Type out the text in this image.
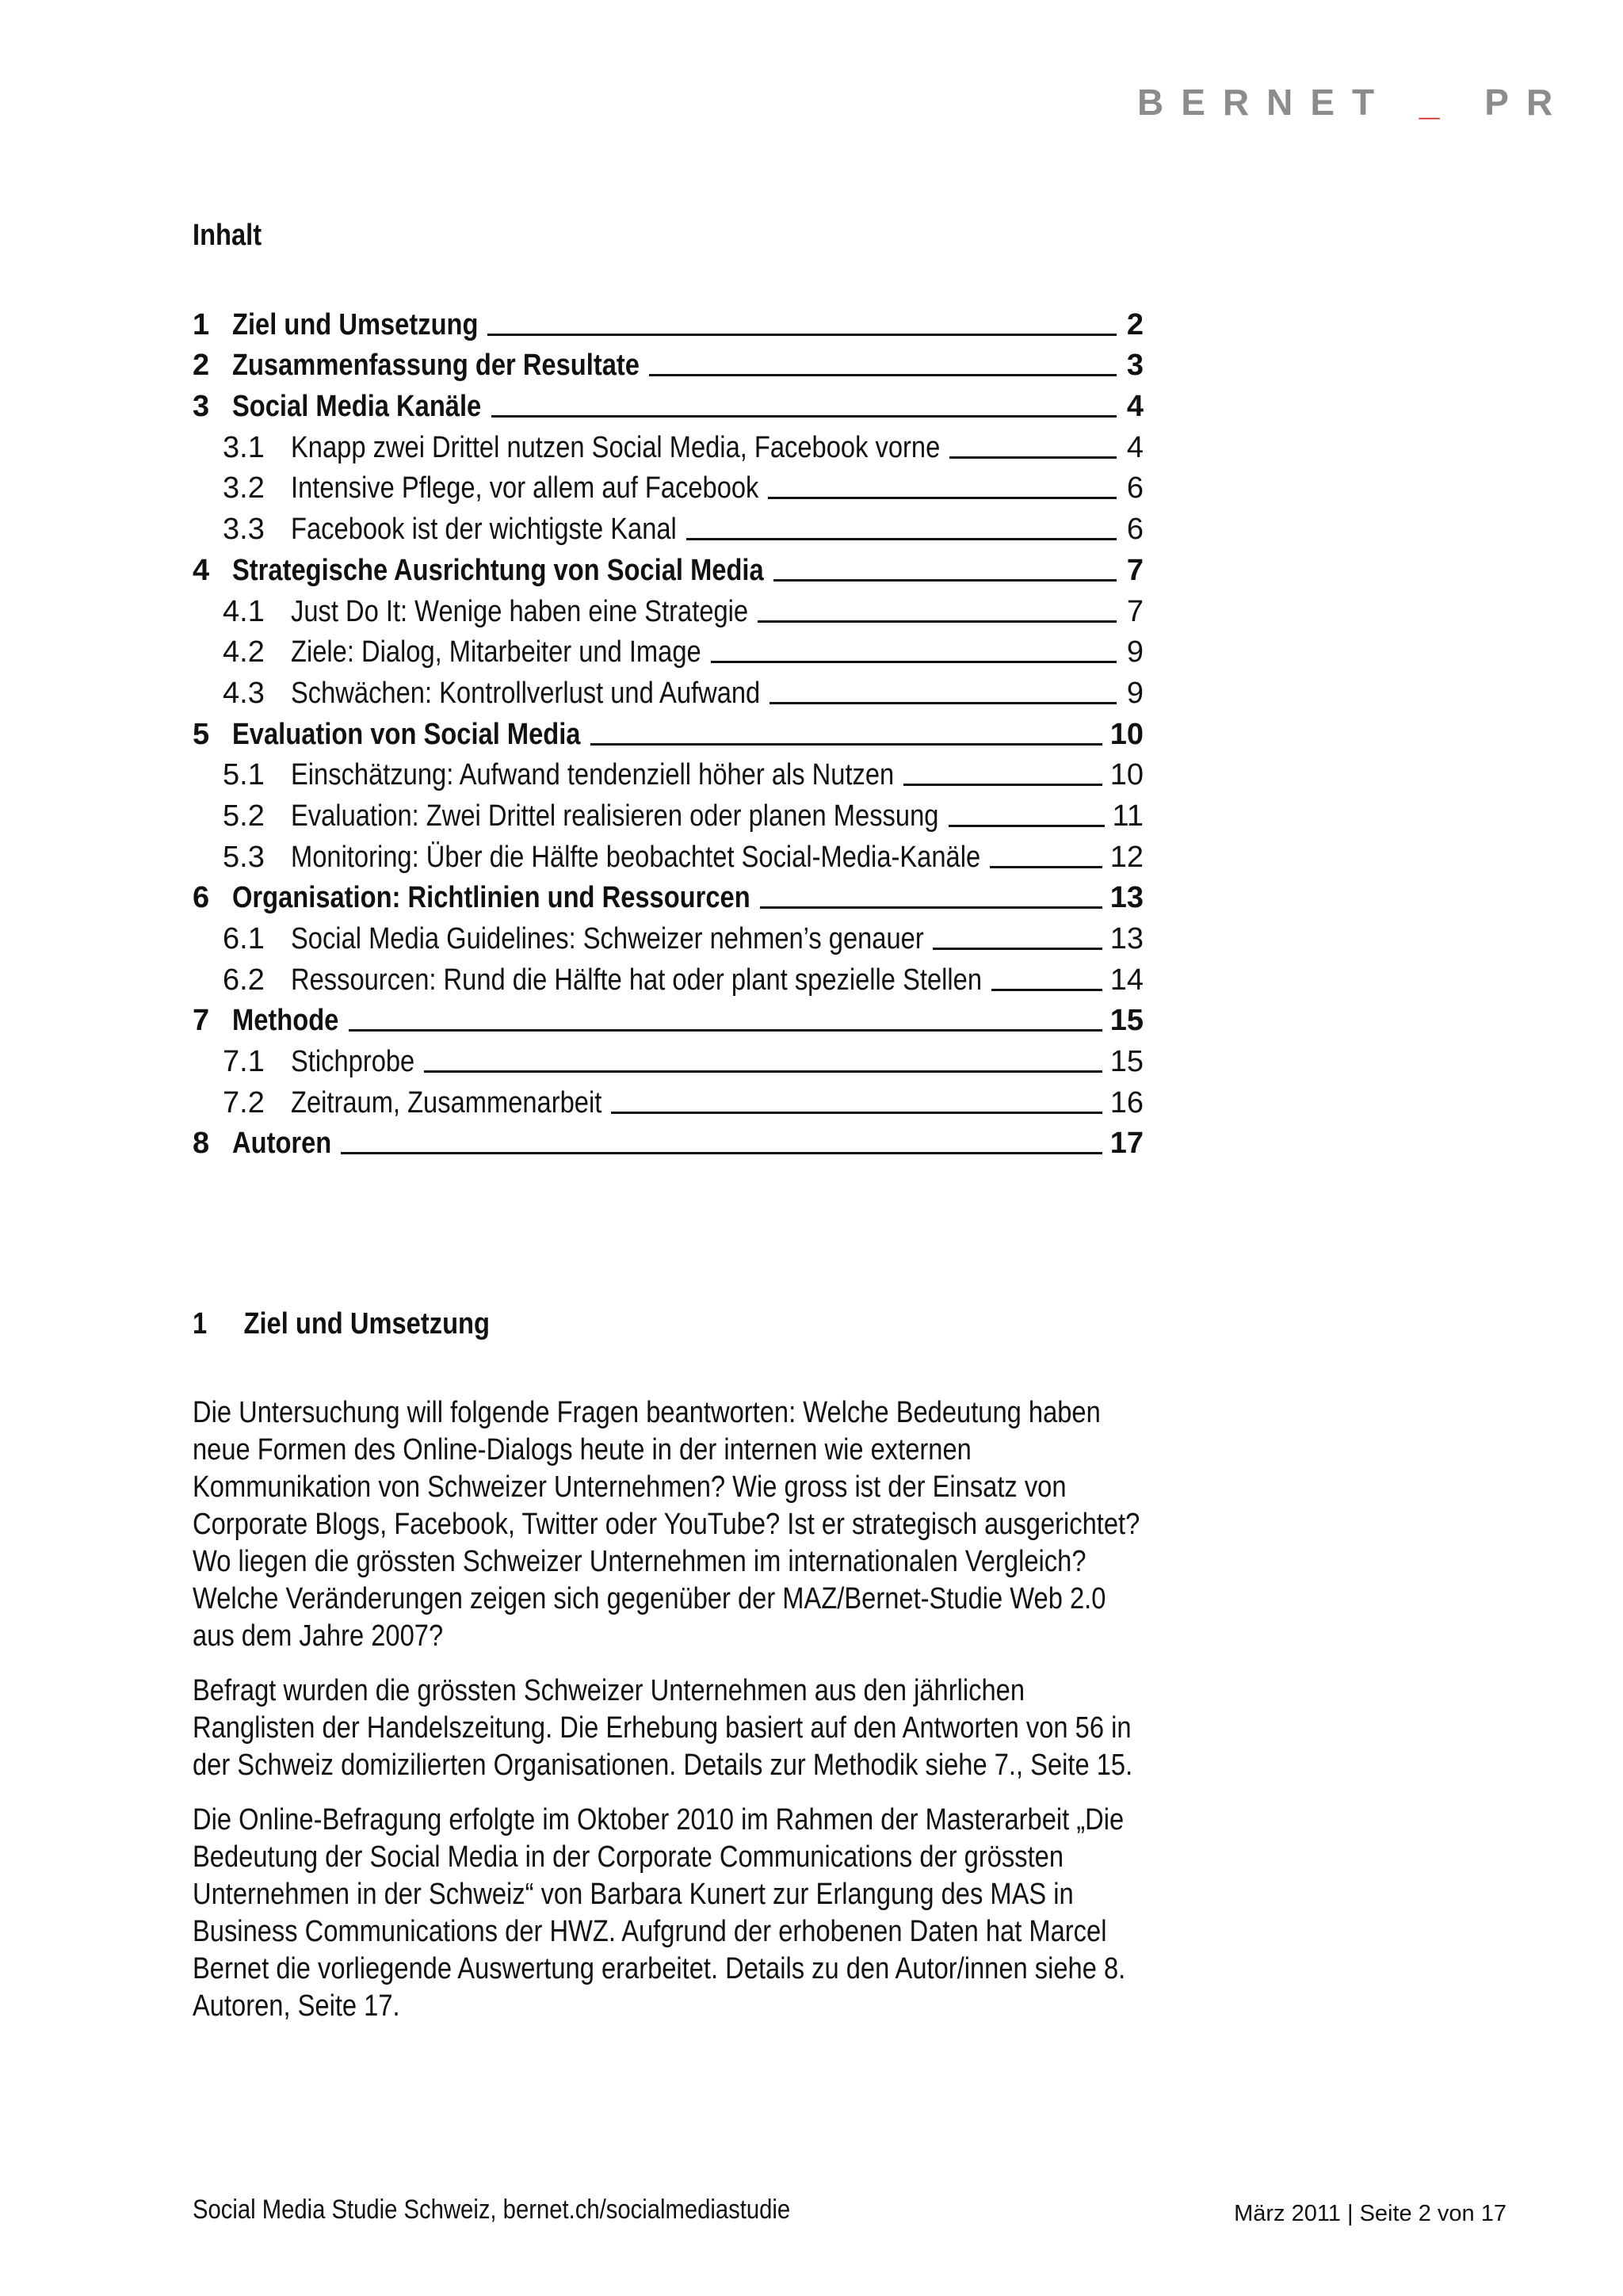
BERNET _ PR
Inhalt
1 Ziel und Umsetzung	2
2 Zusammenfassung der Resultate	3
3 Social Media Kanäle	4
3.1 Knapp zwei Drittel nutzen Social Media, Facebook vorne	4
3.2 Intensive Pflege, vor allem auf Facebook	6
3.3 Facebook ist der wichtigste Kanal	6
4 Strategische Ausrichtung von Social Media	7
4.1 Just Do It: Wenige haben eine Strategie	7
4.2 Ziele: Dialog, Mitarbeiter und Image	9
4.3 Schwächen: Kontrollverlust und Aufwand	9
5 Evaluation von Social Media	10
5.1 Einschätzung: Aufwand tendenziell höher als Nutzen	10
5.2 Evaluation: Zwei Drittel realisieren oder planen Messung	11
5.3 Monitoring: Über die Hälfte beobachtet Social-Media-Kanäle	12
6 Organisation: Richtlinien und Ressourcen	13
6.1 Social Media Guidelines: Schweizer nehmen’s genauer	13
6.2 Ressourcen: Rund die Hälfte hat oder plant spezielle Stellen	14
7 Methode	15
7.1 Stichprobe	15
7.2 Zeitraum, Zusammenarbeit	16
8 Autoren	17
1	Ziel und Umsetzung

Die Untersuchung will folgende Fragen beantworten: Welche Bedeutung haben neue Formen des Online-Dialogs heute in der internen wie externen Kommunikation von Schweizer Unternehmen? Wie gross ist der Einsatz von Corporate Blogs, Facebook, Twitter oder YouTube? Ist er strategisch ausgerichtet? Wo liegen die grössten Schweizer Unternehmen im internationalen Vergleich? Welche Veränderungen zeigen sich gegenüber der MAZ/Bernet-Studie Web 2.0 aus dem Jahre 2007?

Befragt wurden die grössten Schweizer Unternehmen aus den jährlichen Ranglisten der Handelszeitung. Die Erhebung basiert auf den Antworten von 56 in der Schweiz domizilierten Organisationen. Details zur Methodik siehe 7., Seite 15.

Die Online-Befragung erfolgte im Oktober 2010 im Rahmen der Masterarbeit „Die Bedeutung der Social Media in der Corporate Communications der grössten Unternehmen in der Schweiz“ von Barbara Kunert zur Erlangung des MAS in Business Communications der HWZ. Aufgrund der erhobenen Daten hat Marcel Bernet die vorliegende Auswertung erarbeitet. Details zu den Autor/innen siehe 8. Autoren, Seite 17.

Social Media Studie Schweiz, bernet.ch/socialmediastudie	März 2011 | Seite 2 von 17
